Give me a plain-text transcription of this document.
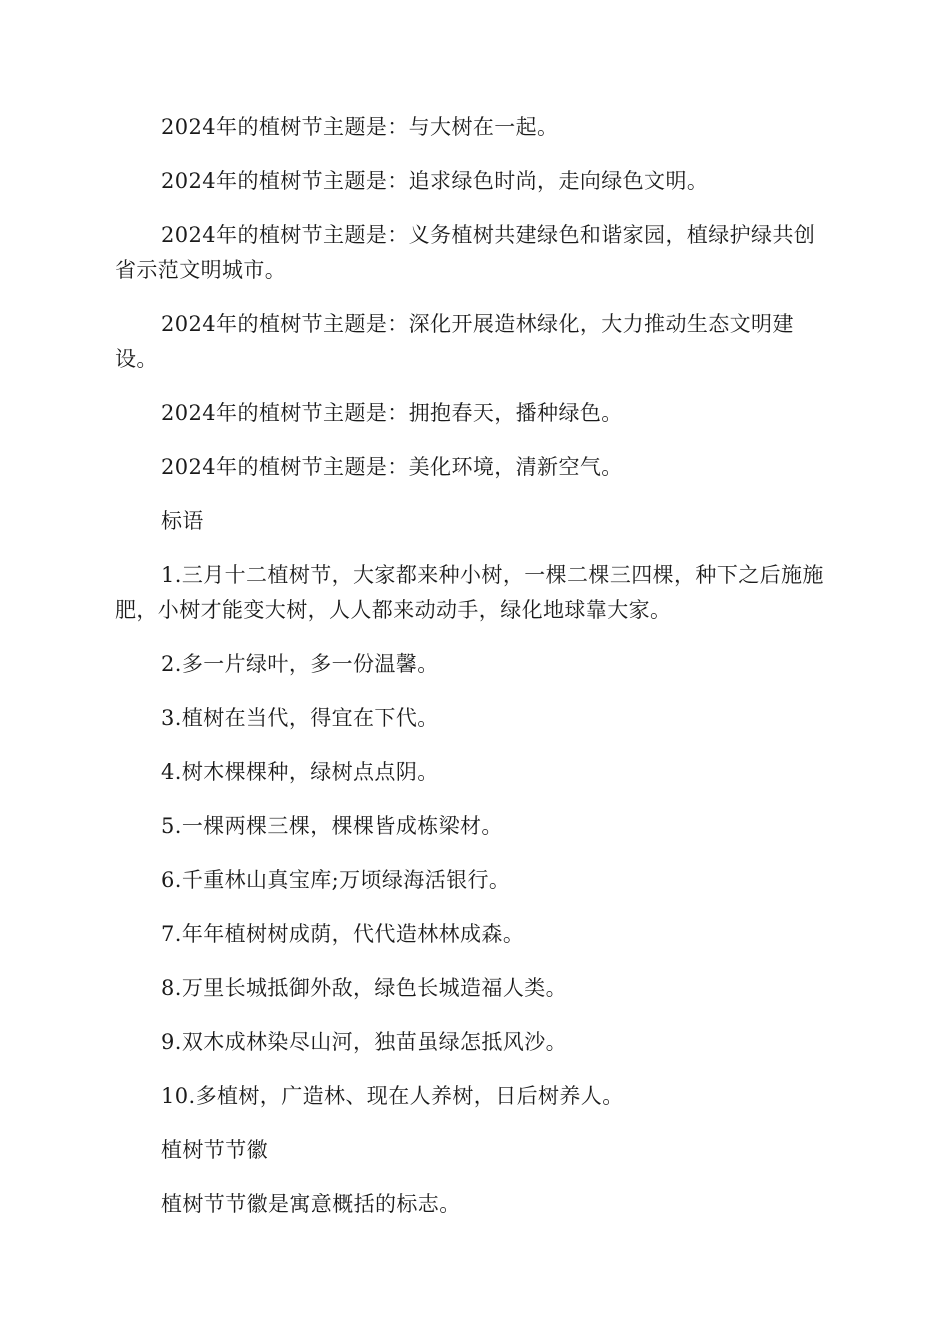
2024年的植树节主题是：与大树在一起。

2024年的植树节主题是：追求绿色时尚，走向绿色文明。

2024年的植树节主题是：义务植树共建绿色和谐家园，植绿护绿共创省示范文明城市。

2024年的植树节主题是：深化开展造林绿化，大力推动生态文明建设。

2024年的植树节主题是：拥抱春天，播种绿色。

2024年的植树节主题是：美化环境，清新空气。

标语

1.三月十二植树节，大家都来种小树，一棵二棵三四棵，种下之后施施肥，小树才能变大树，人人都来动动手，绿化地球靠大家。

2.多一片绿叶，多一份温馨。

3.植树在当代，得宜在下代。

4.树木棵棵种，绿树点点阴。

5.一棵两棵三棵，棵棵皆成栋梁材。

6.千重林山真宝库;万顷绿海活银行。

7.年年植树树成荫，代代造林林成森。

8.万里长城抵御外敌，绿色长城造福人类。

9.双木成林染尽山河，独苗虽绿怎抵风沙。

10.多植树，广造林、现在人养树，日后树养人。

植树节节徽

植树节节徽是寓意概括的标志。
